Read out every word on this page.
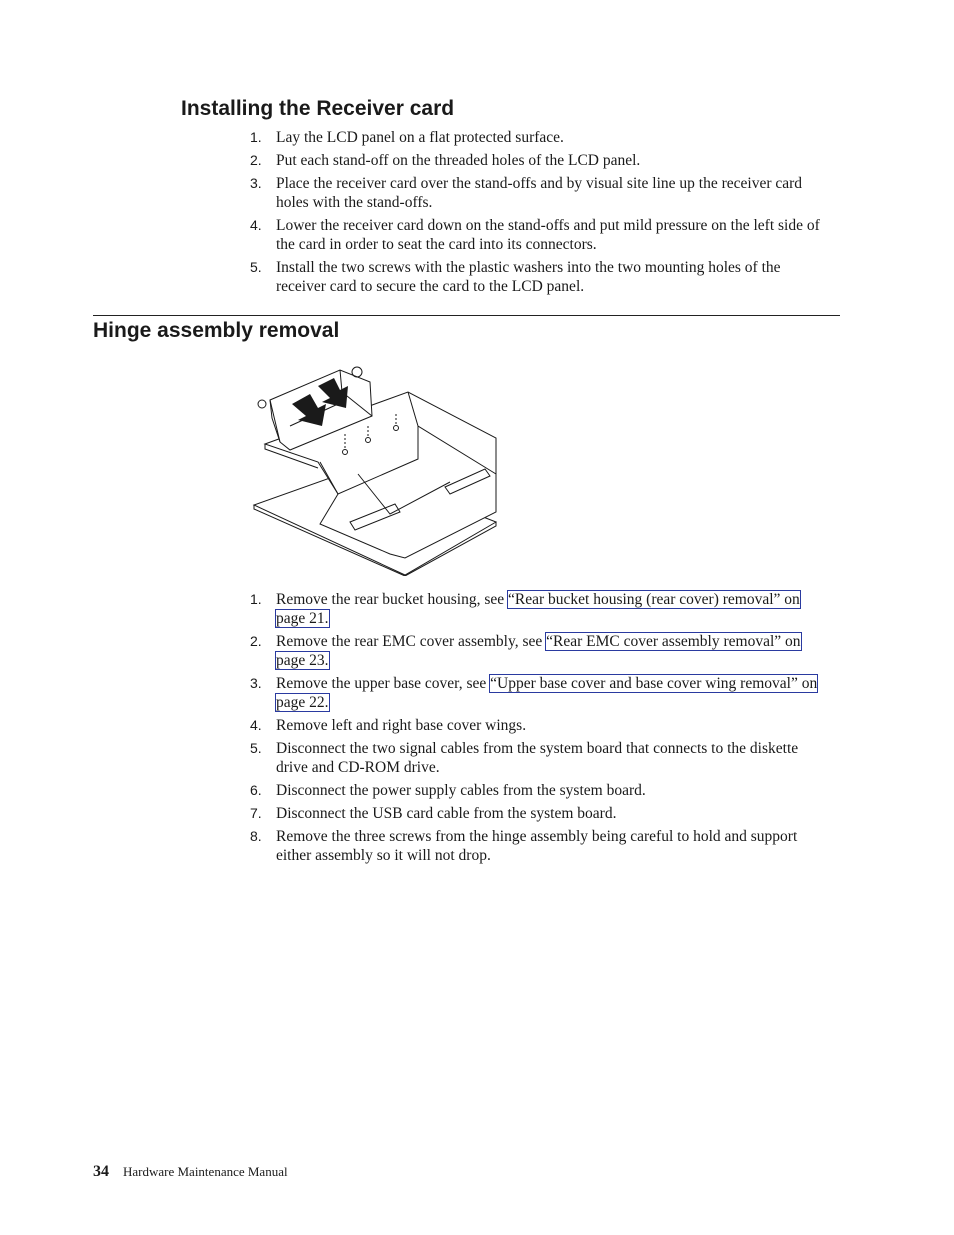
Installing the Receiver card
1. Lay the LCD panel on a flat protected surface.
2. Put each stand-off on the threaded holes of the LCD panel.
3. Place the receiver card over the stand-offs and by visual site line up the receiver card holes with the stand-offs.
4. Lower the receiver card down on the stand-offs and put mild pressure on the left side of the card in order to seat the card into its connectors.
5. Install the two screws with the plastic washers into the two mounting holes of the receiver card to secure the card to the LCD panel.
Hinge assembly removal
1. Remove the rear bucket housing, see “Rear bucket housing (rear cover) removal” on page 21.
2. Remove the rear EMC cover assembly, see “Rear EMC cover assembly removal” on page 23.
3. Remove the upper base cover, see “Upper base cover and base cover wing removal” on page 22.
4. Remove left and right base cover wings.
5. Disconnect the two signal cables from the system board that connects to the diskette drive and CD-ROM drive.
6. Disconnect the power supply cables from the system board.
7. Disconnect the USB card cable from the system board.
8. Remove the three screws from the hinge assembly being careful to hold and support either assembly so it will not drop.
34 Hardware Maintenance Manual
